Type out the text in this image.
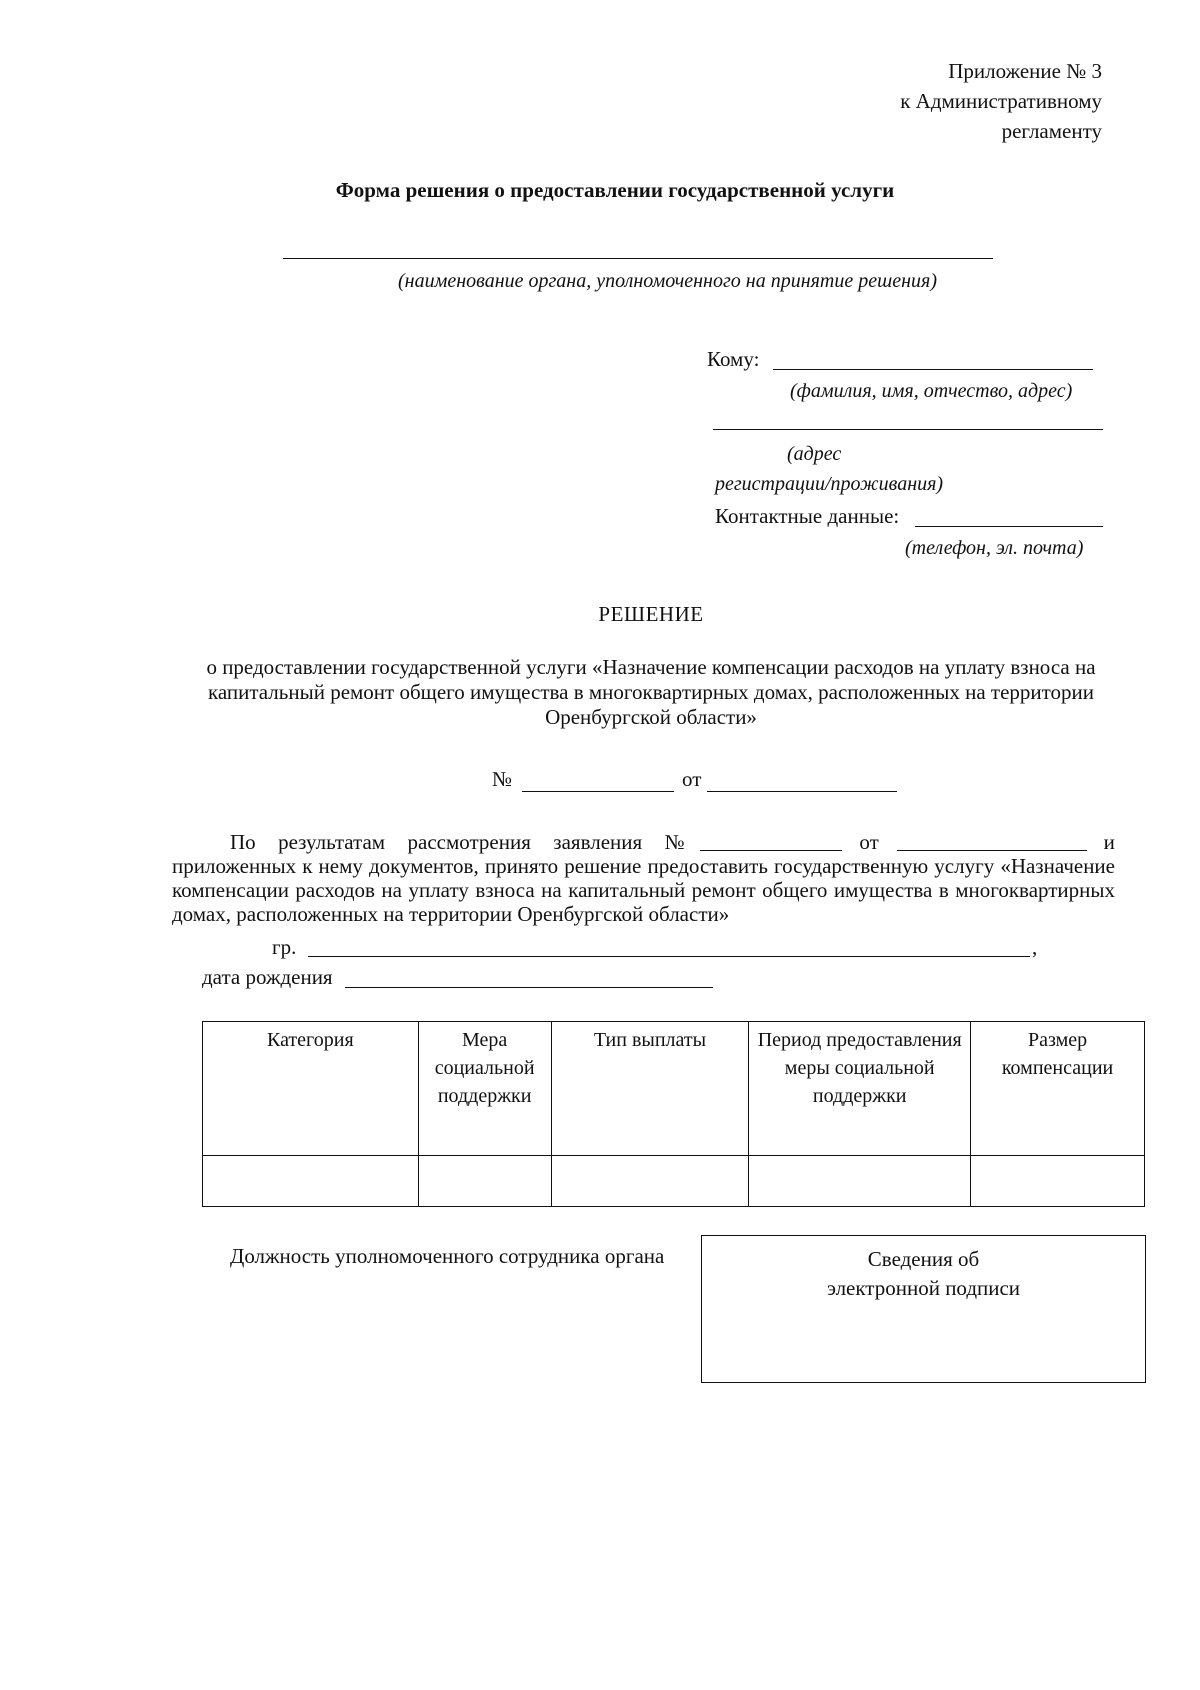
Приложение № 3
к Административному
регламенту
Форма решения о предоставлении государственной услуги
(наименование органа, уполномоченного на принятие решения)
Кому:
(фамилия, имя, отчество, адрес)
(адрес
регистрации/проживания)
Контактные данные:
(телефон, эл. почта)
РЕШЕНИЕ
о предоставлении государственной услуги «Назначение компенсации расходов на уплату взноса на капитальный ремонт общего имущества в многоквартирных домах, расположенных на территории Оренбургской области»
№	от
По результатам рассмотрения заявления №	от	и
приложенных к нему документов, принято решение предоставить государственную услугу «Назначение компенсации расходов на уплату взноса на капитальный ремонт общего имущества в многоквартирных домах, расположенных на территории Оренбургской области»
гр.	,
дата рождения
Категория	Мера социальной поддержки	Тип выплаты	Период предоставления меры социальной поддержки	Размер компенсации

Должность уполномоченного сотрудника органа	Сведения об
электронной подписи
